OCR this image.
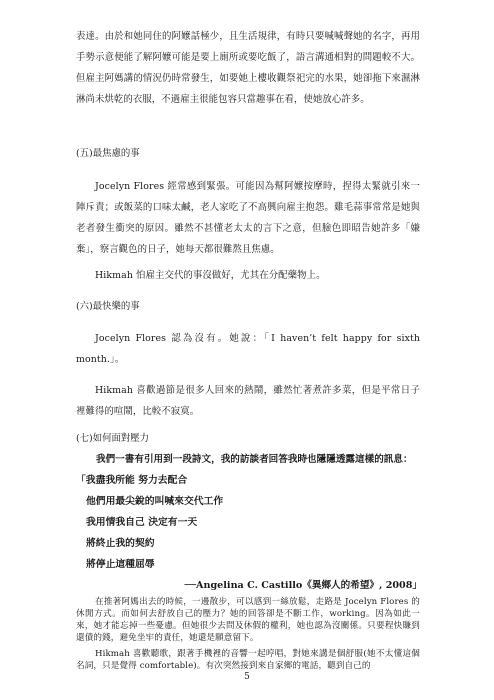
表達。由於和她同住的阿嬤話極少，且生活規律，有時只要喊喊聲她的名字，再用手勢示意便能了解阿嬤可能是要上廁所或要吃飯了，語言溝通相對的問題較不大。但雇主阿媽講的情況仍時常發生，如要她上樓收觀祭祀完的水果，她卻拖下來濕淋淋尚未烘乾的衣服，不過雇主很能包容只當趣事在看，使她放心許多。

(五)最焦慮的事

Jocelyn Flores 經常感到緊張。可能因為幫阿嬤按摩時，捏得太緊就引來一陣斥責；或飯菜的口味太鹹，老人家吃了不高興向雇主抱怨。雞毛蒜事常常是她與老者發生衝突的原因。雖然不甚懂老太太的言下之意，但臉色即昭告她許多「嫌棄」，察言觀色的日子，她每天都很難熬且焦慮。

Hikmah 怕雇主交代的事沒做好，尤其在分配藥物上。

(六)最快樂的事

Jocelyn Flores 認為沒有。她說：「I haven’t felt happy for sixth month.」。

Hikmah 喜歡過節是很多人回來的熱鬧，雖然忙著煮許多菜，但是平常日子裡難得的喧鬧，比較不寂寞。

(七)如何面對壓力

我們一書有引用到一段詩文，我的訪談者回答我時也隱隱透露這樣的訊息：

「我盡我所能 努力去配合

他們用最尖銳的叫喊來交代工作

我用情我自己 決定有一天

將終止我的契約

將停止這種屈辱

──Angelina C. Castillo《異鄉人的希望》, 2008」

在推著阿媽出去的時候，一邊散步，可以感到一絲放鬆，走路是 Jocelyn Flores 的休閒方式。而如何去舒放自己的壓力？她的回答卻是不斷工作，working。因為如此一來，她才能忘掉一些憂慮。但她很少去問及休假的權利，她也認為沒關係。只要程快賺到還債的錢，避免坐牢的責任，她還是願意留下。

5

Hikmah 喜歡聽歌，跟著手機裡的音響一起哼唱，對她來講是個舒服(她不太懂這個名詞，只是覺得 comfortable)。有次突然接到來自家鄉的電話，聽到自己的
